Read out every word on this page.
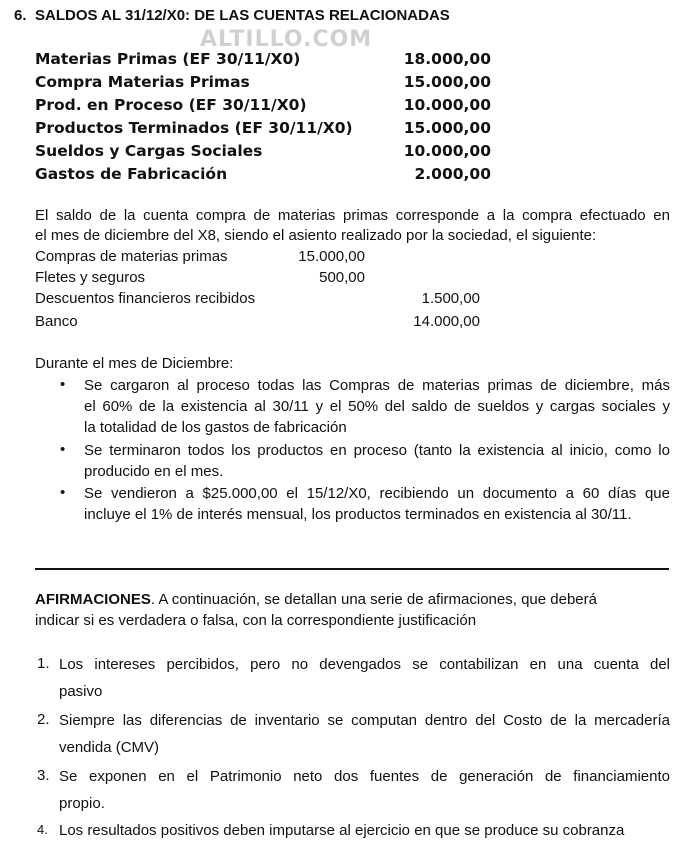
6. SALDOS AL 31/12/X0: DE LAS CUENTAS RELACIONADAS
ALTILLO.COM
Materias Primas (EF 30/11/X0)	18.000,00
Compra Materias Primas	15.000,00
Prod. en Proceso (EF 30/11/X0)	10.000,00
Productos Terminados (EF 30/11/X0)	15.000,00
Sueldos y Cargas Sociales	10.000,00
Gastos de Fabricación	2.000,00
El saldo de la cuenta compra de materias primas corresponde a la compra efectuado en
el mes de diciembre del X8, siendo el asiento realizado por la sociedad, el siguiente:
Compras de materias primas	15.000,00
Fletes y seguros	500,00
Descuentos financieros recibidos	1.500,00
Banco	14.000,00
Durante el mes de Diciembre:
• Se cargaron al proceso todas las Compras de materias primas de diciembre, más
el 60% de la existencia al 30/11 y el 50% del saldo de sueldos y cargas sociales y
la totalidad de los gastos de fabricación
• Se terminaron todos los productos en proceso (tanto la existencia al inicio, como lo
producido en el mes.
• Se vendieron a $25.000,00 el 15/12/X0, recibiendo un documento a 60 días que
incluye el 1% de interés mensual, los productos terminados en existencia al 30/11.
AFIRMACIONES. A continuación, se detallan una serie de afirmaciones, que deberá
indicar si es verdadera o falsa, con la correspondiente justificación
1. Los intereses percibidos, pero no devengados se contabilizan en una cuenta del
pasivo
2. Siempre las diferencias de inventario se computan dentro del Costo de la mercadería
vendida (CMV)
3. Se exponen en el Patrimonio neto dos fuentes de generación de financiamiento
propio.
4. Los resultados positivos deben imputarse al ejercicio en que se produce su cobranza
